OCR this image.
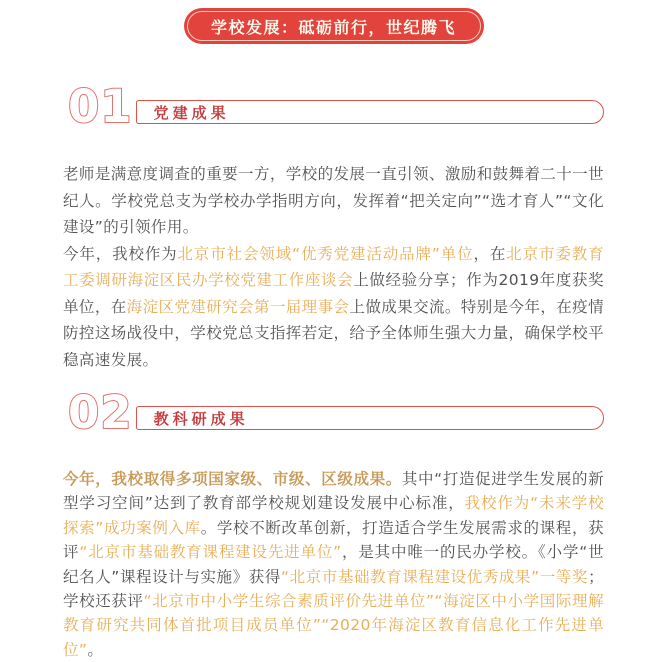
学校发展：砥砺前行，世纪腾飞
01 党建成果

老师是满意度调查的重要一方，学校的发展一直引领、激励和鼓舞着二十一世纪人。学校党总支为学校办学指明方向，发挥着“把关定向”“选才育人”“文化建设”的引领作用。

今年，我校作为北京市社会领域“优秀党建活动品牌”单位，在北京市委教育工委调研海淀区民办学校党建工作座谈会上做经验分享；作为2019年度获奖单位，在海淀区党建研究会第一届理事会上做成果交流。特别是今年，在疫情防控这场战役中，学校党总支指挥若定，给予全体师生强大力量，确保学校平稳高速发展。

02 教科研成果

今年，我校取得多项国家级、市级、区级成果。其中“打造促进学生发展的新型学习空间”达到了教育部学校规划建设发展中心标准，我校作为“未来学校探索”成功案例入库。学校不断改革创新，打造适合学生发展需求的课程，获评“北京市基础教育课程建设先进单位”，是其中唯一的民办学校。《小学“世纪名人”课程设计与实施》获得“北京市基础教育课程建设优秀成果”一等奖；学校还获评“北京市中小学生综合素质评价先进单位”“海淀区中小学国际理解教育研究共同体首批项目成员单位”“2020年海淀区教育信息化工作先进单位”。
